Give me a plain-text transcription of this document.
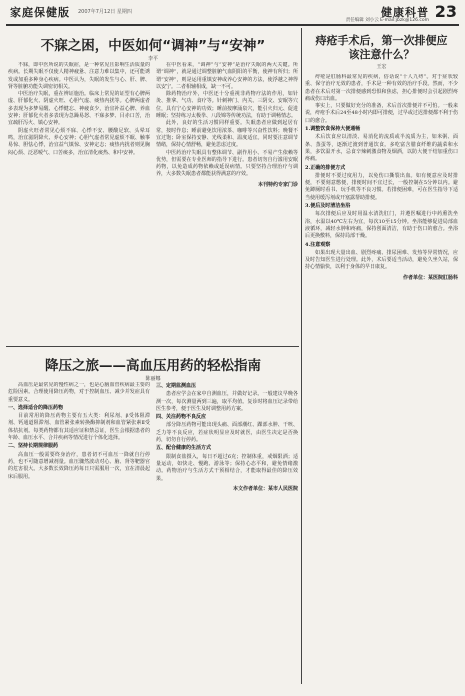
家庭保健版 2007年7月12日 星期四	健康科普
责任编辑 刘小云 E-mail:jbzk@126.com 23
不寐之困，中医如何“调神”与“安神”
李平

不寐，即中医所说的失眠症，是一种常见且影响生活质量的疾病。长期失眠不仅使人精神疲惫、注意力难以集中，还可能诱发或加重多种身心疾病。中医认为，失眠的发生与心、肝、脾、肾等脏腑功能失调密切相关。

中医治疗失眠，重在辨证施治。临床上常见的证型有心脾两虚、肝郁化火、阴虚火旺、心胆气虚、痰热内扰等。心脾两虚者多表现为多梦易醒、心悸健忘、神疲食少，治宜补益心脾、养血安神；肝郁化火者多表现为急躁易怒、不寐多梦、目赤口苦，治宜疏肝泻火、镇心安神。

阴虚火旺者常见心烦不寐、心悸不安、腰酸足软、头晕耳鸣，治宜滋阴降火、养心安神；心胆气虚者常见虚烦不眠、触事易惊、胆怯心悸，治宜益气镇惊、安神定志；痰热内扰者则见胸闷心烦、泛恶嗳气、口苦痰多，治宜清化痰热、和中安神。

在中医看来，“调神”与“安神”是治疗失眠的两大关键。所谓“调神”，就是通过调整脏腑气血阴阳的平衡，使神有所归；所谓“安神”，则是运用重镇安神或养心安神的方法，使浮越之神得以安宁。二者相辅相成，缺一不可。

除药物治疗外，中医还十分重视非药物疗法的作用，如针灸、推拿、气功、食疗等。针刺神门、内关、三阴交、安眠等穴位，具有宁心安神的功效；睡前按摩涌泉穴，能引火归元、促进睡眠；坚持练习太极拳、八段锦等传统功法，有助于调畅情志。

此外，良好的生活习惯同样重要。失眠患者应做到起居有常，按时作息；睡前避免饮用浓茶、咖啡等兴奋性饮料；晚餐不宜过饱；卧室保持安静、光线柔和、温度适宜。同时要注意调节情绪，保持心情舒畅，避免思虑过度。

中医药治疗失眠具有整体调节、副作用小、不易产生依赖等优势，但需要在专业医师的指导下进行。患者切勿自行滥用安眠药物，以免造成药物依赖或延误病情。只要坚持合理治疗与调养，大多数失眠患者都能获得满意的疗效。

本刊特约专家门诊
痔疮手术后，第一次排便应该注意什么？
王宏

痔疮是肛肠科最常见的疾病，俗话说“十人九痔”。对于症状较重、保守治疗无效的患者，手术是一种有效的治疗手段。然而，不少患者在术后对第一次排便感到恐惧和焦虑，担心排便时会引起剧烈疼痛或伤口出血。

事实上，只要做好充分的准备，术后首次排便并不可怕。一般来说，痔疮手术后24至48小时内即可排便，过早或过迟排便都不利于伤口的愈合。

1.调整饮食保持大便通畅

术后饮食应以清淡、易消化的流质或半流质为主，如米粥、面条、蒸蛋等，逐渐过渡到普通饮食。多吃富含膳食纤维的蔬菜和水果，多饮温开水，忌食辛辣刺激食物及烟酒，以防大便干结加重伤口疼痛。

2.正确的排便方式

排便时不要过度用力，以免伤口撕裂出血。如有便意应及时排便，不要刻意憋便，排便时间不宜过长，一般控制在5分钟以内。避免蹲厕时看书、玩手机等不良习惯。若排便困难，可在医生指导下适当使用缓泻剂或开塞露帮助排便。

3.便后及时清洁坐浴

每次排便后应及时用温水清洗肛门，并遵医嘱进行中药熏洗坐浴，水温以40℃左右为宜，每次10至15分钟。坐浴能够促进局部血液循环，减轻水肿和疼痛，保持创面清洁，有助于伤口的愈合。坐浴后更换敷料，保持局部干燥。

4.注意观察

如果出现大量出血、剧烈疼痛、排尿困难、发热等异常情况，应及时告知医生进行处理。此外，术后要适当活动，避免久坐久站，保持心情愉快，以利于身体的早日康复。

作者单位：某医院肛肠科
降压之旅——高血压用药的轻松指南
陈丽娜

高血压是最常见的慢性病之一，也是心脑血管疾病最主要的危险因素。合理使用降压药物，对于控制血压、减少并发症具有重要意义。

一、选择适合的降压药物

目前常用的降压药物主要有五大类：利尿剂、β受体阻滞剂、钙通道阻滞剂、血管紧张素转换酶抑制剂和血管紧张素Ⅱ受体拮抗剂。每类药物都有其适应证和禁忌证，医生会根据患者的年龄、血压水平、合并疾病等情况进行个体化选择。

二、坚持长期规律服药

高血压一般需要终身治疗，患者切不可血压一降就自行停药，也不可随意增减剂量。血压骤然波动对心、脑、肾等靶器官的危害很大。大多数长效降压药每日只需服用一次，宜在清晨起床后服用。

三、定期监测血压

患者应学会在家中自测血压，并做好记录。一般建议早晚各测一次，每次测量两到三遍，取平均值。复诊时将血压记录带给医生参考，便于医生及时调整用药方案。

四、关注药物不良反应

部分降压药物可能出现头痛、面部潮红、踝部水肿、干咳、乏力等不良反应，若症状明显应及时就医，由医生决定是否换药，切勿自行停药。

五、配合健康的生活方式

限制食盐摄入，每日不超过6克；控制体重，戒烟限酒；适量运动，如快走、慢跑、游泳等；保持心态平和，避免情绪激动。药物治疗与生活方式干预相结合，才能取得最佳的降压效果。

本文作者单位：某市人民医院
